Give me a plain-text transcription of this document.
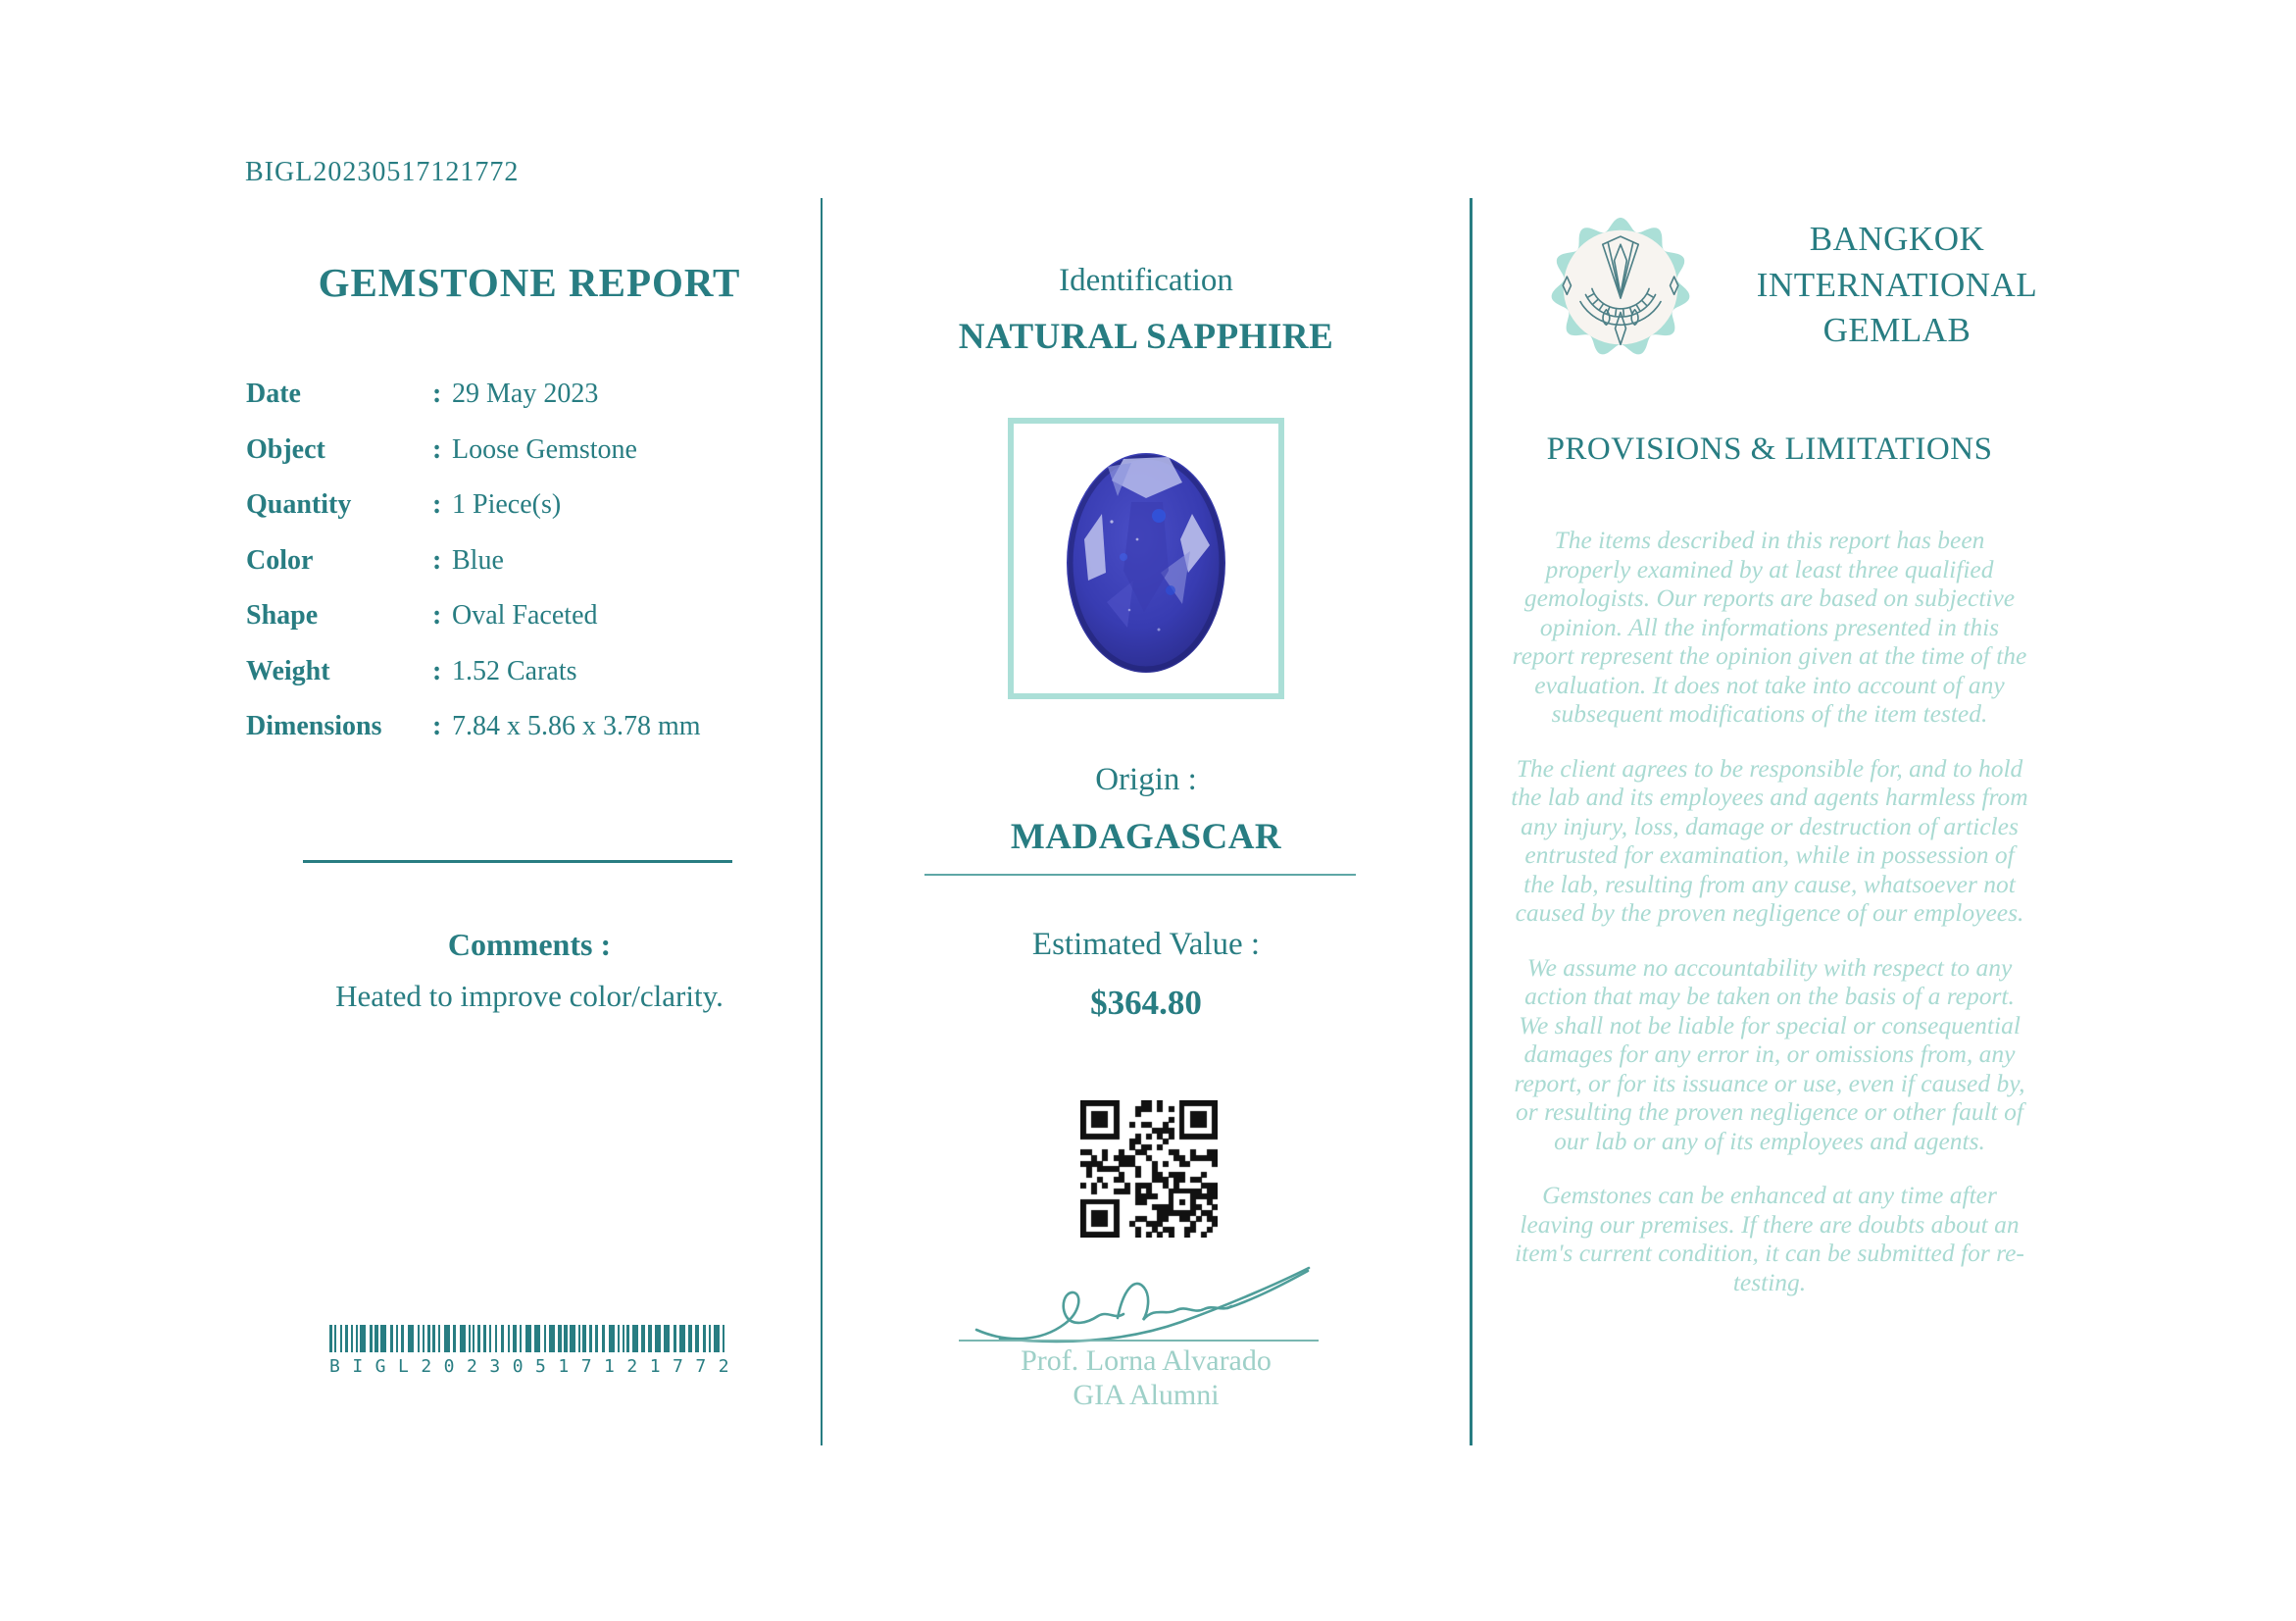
BIGL20230517121772
GEMSTONE REPORT
Date	: 29 May 2023
Object	: Loose Gemstone
Quantity	: 1 Piece(s)
Color	: Blue
Shape	: Oval Faceted
Weight	: 1.52 Carats
Dimensions	: 7.84 x 5.86 x 3.78 mm
Comments :
Heated to improve color/clarity.
BIGL20230517121772
Identification
NATURAL SAPPHIRE
Origin :
MADAGASCAR
Estimated Value :
$364.80
Prof. Lorna Alvarado
GIA Alumni
BANGKOK
INTERNATIONAL
GEMLAB
PROVISIONS & LIMITATIONS

The items described in this report has been properly examined by at least three qualified gemologists. Our reports are based on subjective opinion. All the informations presented in this report represent the opinion given at the time of the evaluation. It does not take into account of any subsequent modifications of the item tested.

The client agrees to be responsible for, and to hold the lab and its employees and agents harmless from any injury, loss, damage or destruction of articles entrusted for examination, while in possession of the lab, resulting from any cause, whatsoever not caused by the proven negligence of our employees.

We assume no accountability with respect to any action that may be taken on the basis of a report. We shall not be liable for special or consequential damages for any error in, or omissions from, any report, or for its issuance or use, even if caused by, or resulting the proven negligence or other fault of our lab or any of its employees and agents.

Gemstones can be enhanced at any time after leaving our premises. If there are doubts about an item's current condition, it can be submitted for re-testing.
